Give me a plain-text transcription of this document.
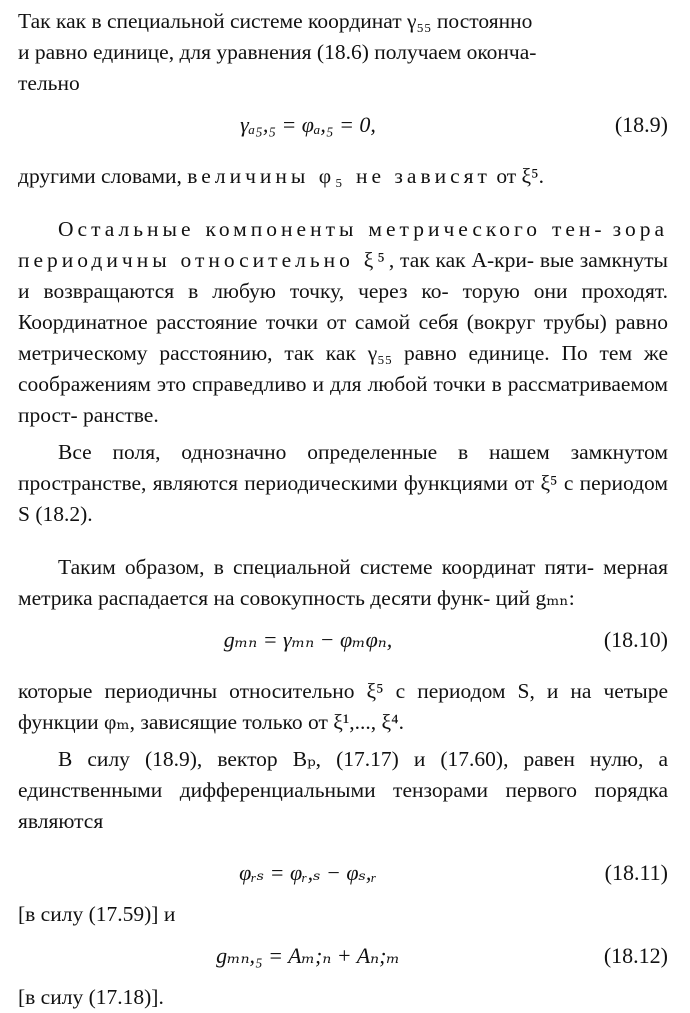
Так как в специальной системе координат γ₅₅ постоянно
и равно единице, для уравнения (18.6) получаем оконча-
тельно
γₐ₅,₅ = φₐ,₅ = 0,	(18.9)

другими словами, величины φ₅ не зависят от ξ⁵.

Остальные компоненты метрического тен- зора периодичны относительно ξ⁵, так как A-кри- вые замкнуты и возвращаются в любую точку, через ко- торую они проходят. Координатное расстояние точки от самой себя (вокруг трубы) равно метрическому расстоянию, так как γ₅₅ равно единице. По тем же соображениям это справедливо и для любой точки в рассматриваемом прост- ранстве.

Все поля, однозначно определенные в нашем замкнутом пространстве, являются периодическими функциями от ξ⁵ с периодом S (18.2).

Таким образом, в специальной системе координат пяти- мерная метрика распадается на совокупность десяти функ- ций gₘₙ:

gₘₙ = γₘₙ − φₘφₙ,	(18.10)

которые периодичны относительно ξ⁵ с периодом S, и на четыре функции φₘ, зависящие только от ξ¹,..., ξ⁴.

В силу (18.9), вектор Bₚ, (17.17) и (17.60), равен нулю, а единственными дифференциальными тензорами первого порядка являются

φᵣₛ = φᵣ,ₛ − φₛ,ᵣ	(18.11)

[в силу (17.59)] и

gₘₙ,₅ = Aₘ;ₙ + Aₙ;ₘ	(18.12)

[в силу (17.18)].
